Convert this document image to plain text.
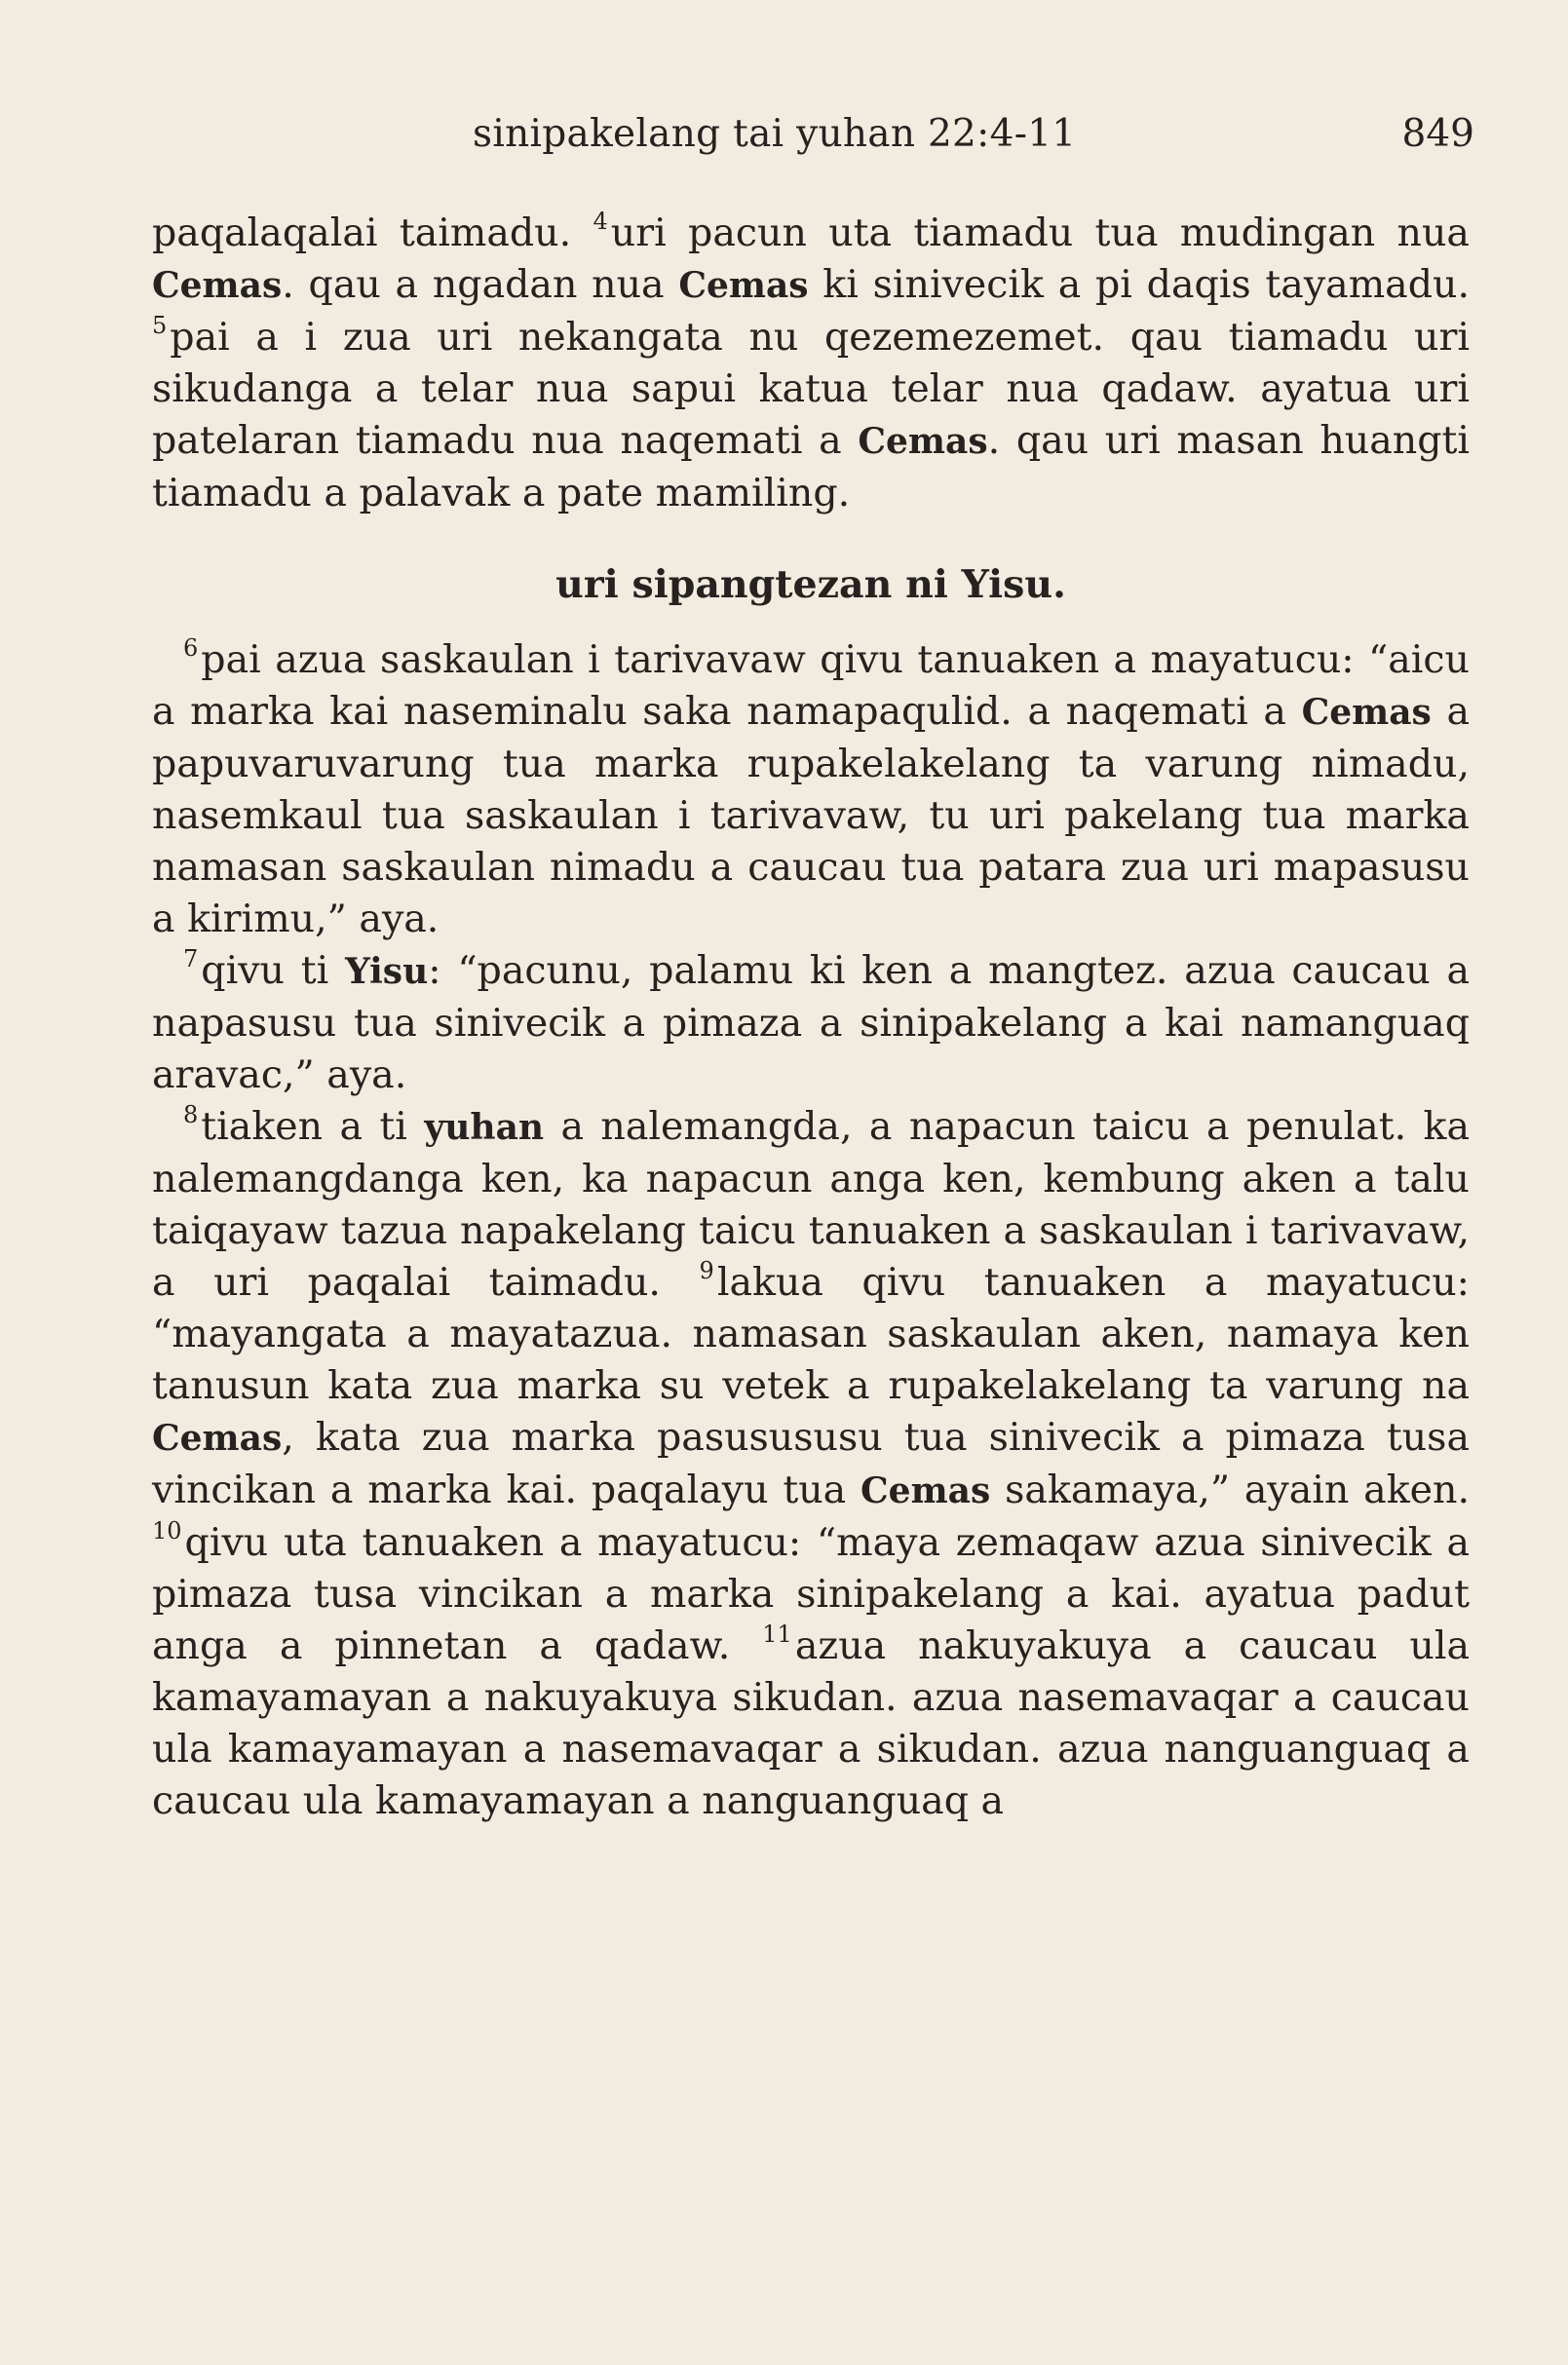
sinipakelang tai yuhan 22:4-11	849

paqalaqalai taimadu. $^4$uri pacun uta tiamadu tua mudingan nua Cemas. qau a ngadan nua Cemas ki sinivecik a pi daqis tayamadu. $^5$pai a i zua uri nekangata nu qezemezemet. qau tiamadu uri sikudanga a telar nua sapui katua telar nua qadaw. ayatua uri patelaran tiamadu nua naqemati a Cemas. qau uri masan huangti tiamadu a palavak a pate mamiling.

uri sipangtezan ni Yisu.

$^6$pai azua saskaulan i tarivavaw qivu tanuaken a mayatucu: “aicu a marka kai naseminalu saka namapaqulid. a naqemati a Cemas a papuvaruvarung tua marka rupakelakelang ta varung nimadu, nasemkaul tua saskaulan i tarivavaw, tu uri pakelang tua marka namasan saskaulan nimadu a caucau tua patara zua uri mapasusu a kirimu,” aya.

$^7$qivu ti Yisu: “pacunu, palamu ki ken a mangtez. azua caucau a napasusu tua sinivecik a pimaza a sinipakelang a kai namanguaq aravac,” aya.

$^8$tiaken a ti yuhan a nalemangda, a napacun taicu a penulat. ka nalemangdanga ken, ka napacun anga ken, kembung aken a talu taiqayaw tazua napakelang taicu tanuaken a saskaulan i tarivavaw, a uri paqalai taimadu. $^9$lakua qivu tanuaken a mayatucu: “mayangata a mayatazua. namasan saskaulan aken, namaya ken tanusun kata zua marka su vetek a rupakelakelang ta varung na Cemas, kata zua marka pasusususu tua sinivecik a pimaza tusa vincikan a marka kai. paqalayu tua Cemas sakamaya,” ayain aken. $^{10}$qivu uta tanuaken a mayatucu: “maya zemaqaw azua sinivecik a pimaza tusa vincikan a marka sinipakelang a kai. ayatua padut anga a pinnetan a qadaw. $^{11}$azua nakuyakuya a caucau ula kamayamayan a nakuyakuya sikudan. azua nasemavaqar a caucau ula kamayamayan a nasemavaqar a sikudan. azua nanguanguaq a caucau ula kamayamayan a nanguanguaq a
